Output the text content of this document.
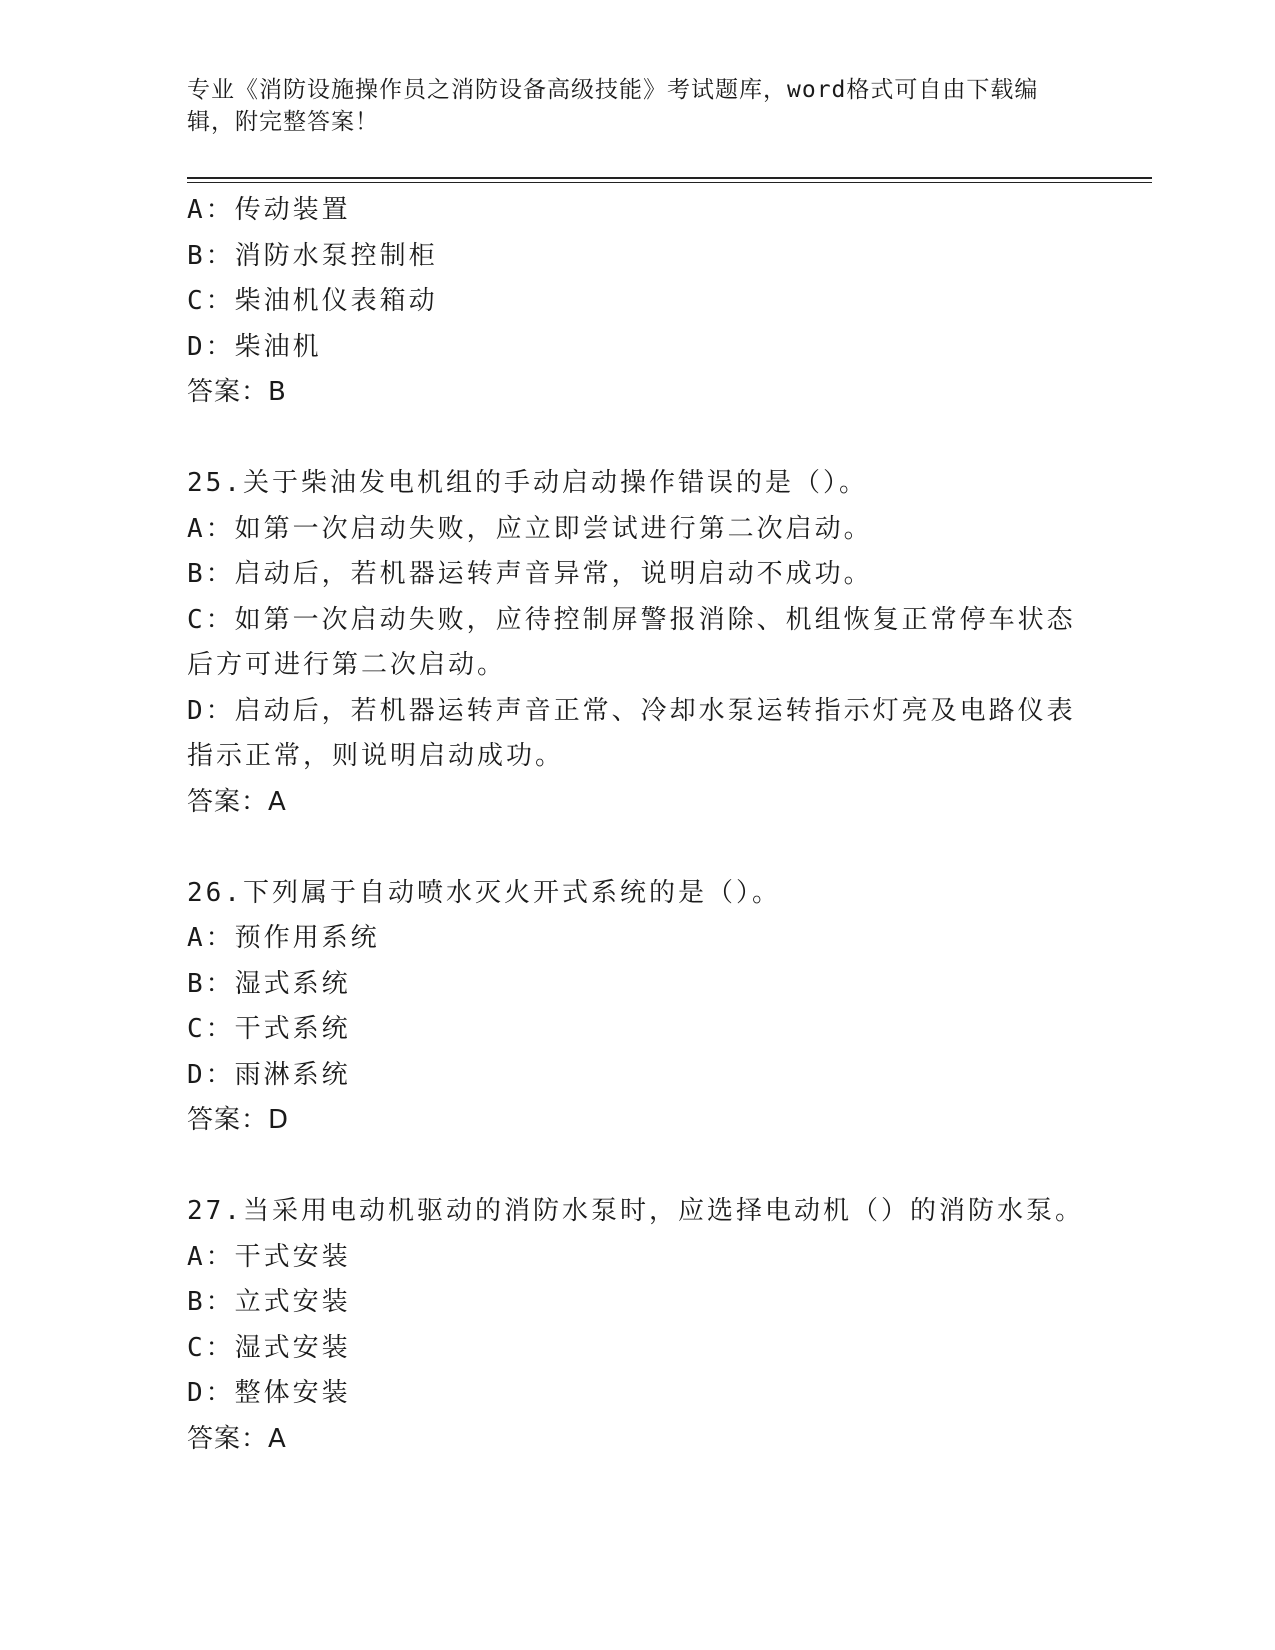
专业《消防设施操作员之消防设备高级技能》考试题库，word格式可自由下载编
辑，附完整答案！

A：传动装置

B：消防水泵控制柜

C：柴油机仪表箱动

D：柴油机

答案：B

25.关于柴油发电机组的手动启动操作错误的是（）。

A：如第一次启动失败，应立即尝试进行第二次启动。

B：启动后，若机器运转声音异常，说明启动不成功。

C：如第一次启动失败，应待控制屏警报消除、机组恢复正常停车状态后方可进行第二次启动。

D：启动后，若机器运转声音正常、冷却水泵运转指示灯亮及电路仪表指示正常，则说明启动成功。

答案：A

26.下列属于自动喷水灭火开式系统的是（）。

A：预作用系统

B：湿式系统

C：干式系统

D：雨淋系统

答案：D

27.当采用电动机驱动的消防水泵时，应选择电动机（）的消防水泵。

A：干式安装

B：立式安装

C：湿式安装

D：整体安装

答案：A
